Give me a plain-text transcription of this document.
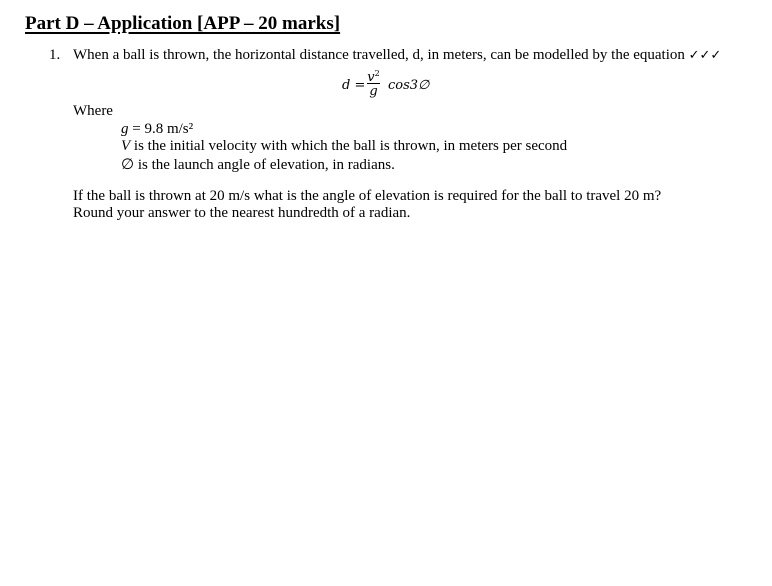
Part D – Application [APP – 20 marks]
1. When a ball is thrown, the horizontal distance travelled, d, in meters, can be modelled by the equation ✓✓✓
d =
$v^2$
g cos3∅
Where
g = 9.8 m/s²
V is the initial velocity with which the ball is thrown, in meters per second
∅ is the launch angle of elevation, in radians.
If the ball is thrown at 20 m/s what is the angle of elevation is required for the ball to travel 20 m?
Round your answer to the nearest hundredth of a radian.
